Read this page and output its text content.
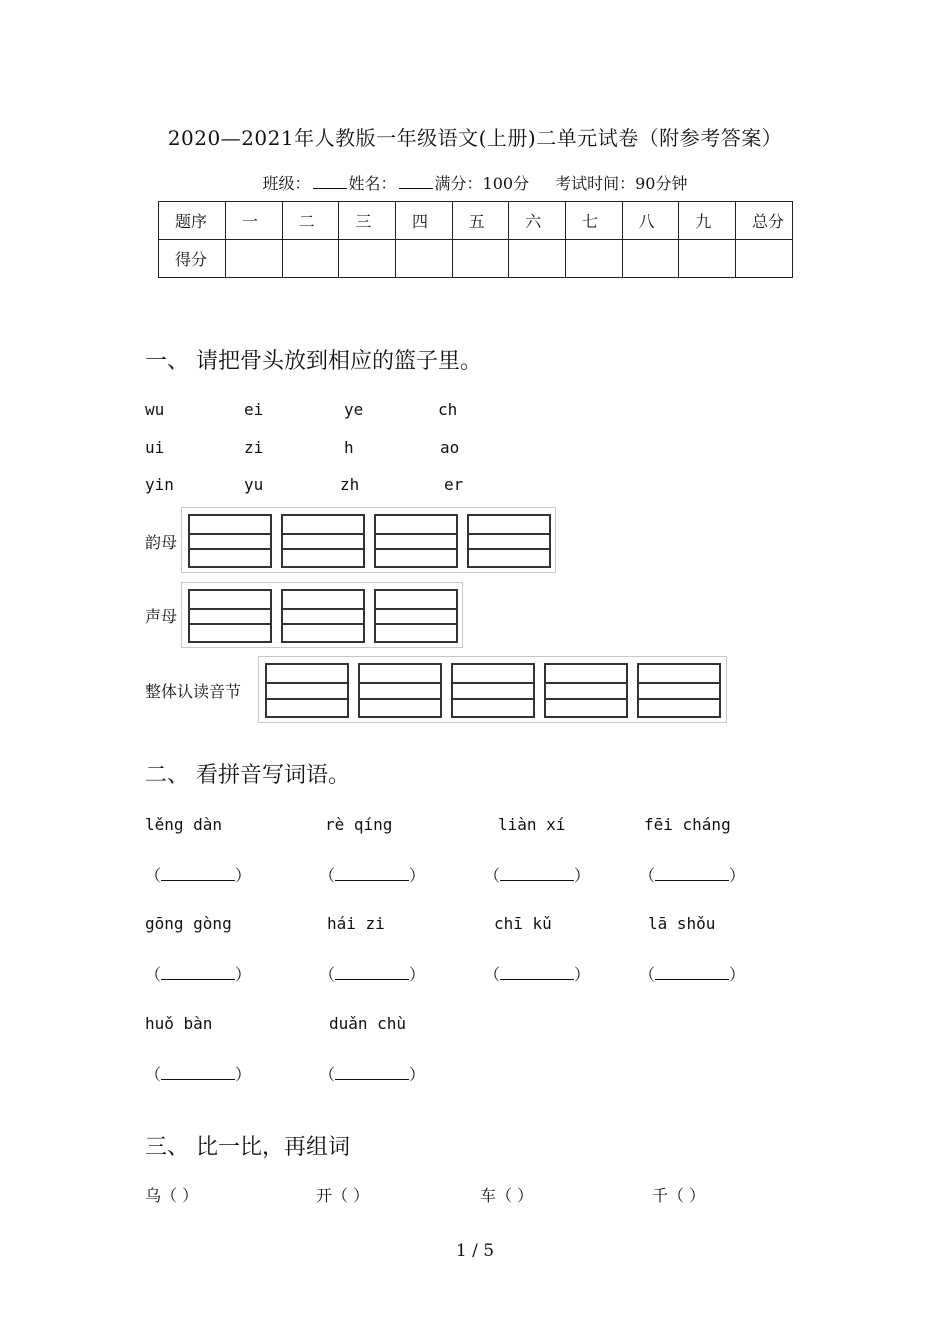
2020—2021年人教版一年级语文(上册)二单元试卷（附参考答案）
班级： 姓名： 满分：100分 考试时间：90分钟
题序	一	二	三	四	五	六	七	八	九	总分
得分										
一、 请把骨头放到相应的篮子里。
wu	ei	ye	ch
ui	zi	h	ao
yin	yu	zh	er
韵母
声母
整体认读音节
二、 看拼音写词语。
lěng dàn	rè qíng	liàn xí	fēi cháng
（	）	（	）	（	）	（	）
gōng gòng	hái zi	chī kǔ	lā shǒu
（	）	（	）	（	）	（	）
huǒ bàn	duǎn chù
（	）	（	）
三、 比一比，再组词
乌（ ）	开（ ）	车（ ）	千（ ）
1 / 5
